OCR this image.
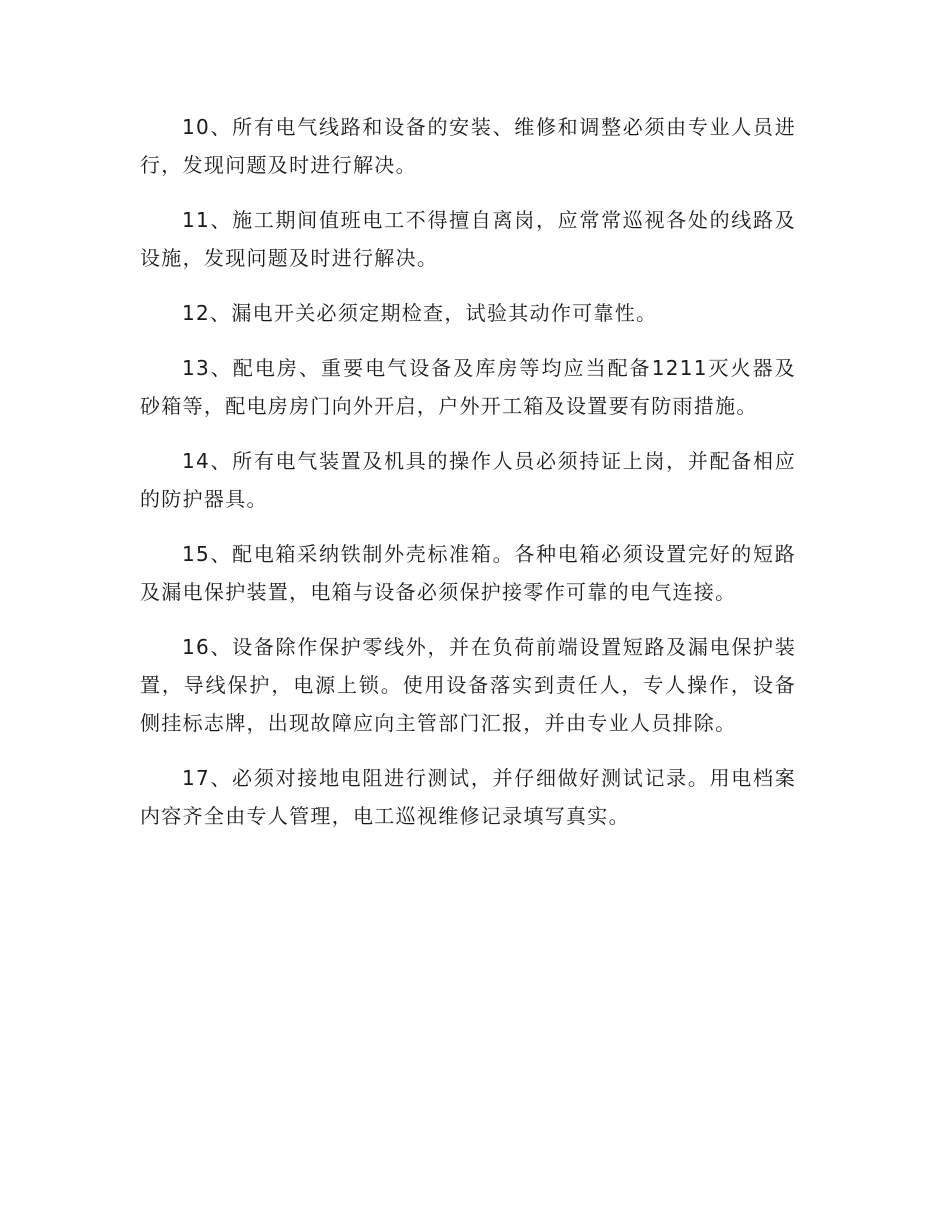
10、所有电气线路和设备的安装、维修和调整必须由专业人员进行，发现问题及时进行解决。

11、施工期间值班电工不得擅自离岗，应常常巡视各处的线路及设施，发现问题及时进行解决。

12、漏电开关必须定期检查，试验其动作可靠性。

13、配电房、重要电气设备及库房等均应当配备1211灭火器及砂箱等，配电房房门向外开启，户外开工箱及设置要有防雨措施。

14、所有电气装置及机具的操作人员必须持证上岗，并配备相应的防护器具。

15、配电箱采纳铁制外壳标准箱。各种电箱必须设置完好的短路及漏电保护装置，电箱与设备必须保护接零作可靠的电气连接。

16、设备除作保护零线外，并在负荷前端设置短路及漏电保护装置，导线保护，电源上锁。使用设备落实到责任人，专人操作，设备侧挂标志牌，出现故障应向主管部门汇报，并由专业人员排除。

17、必须对接地电阻进行测试，并仔细做好测试记录。用电档案内容齐全由专人管理，电工巡视维修记录填写真实。
